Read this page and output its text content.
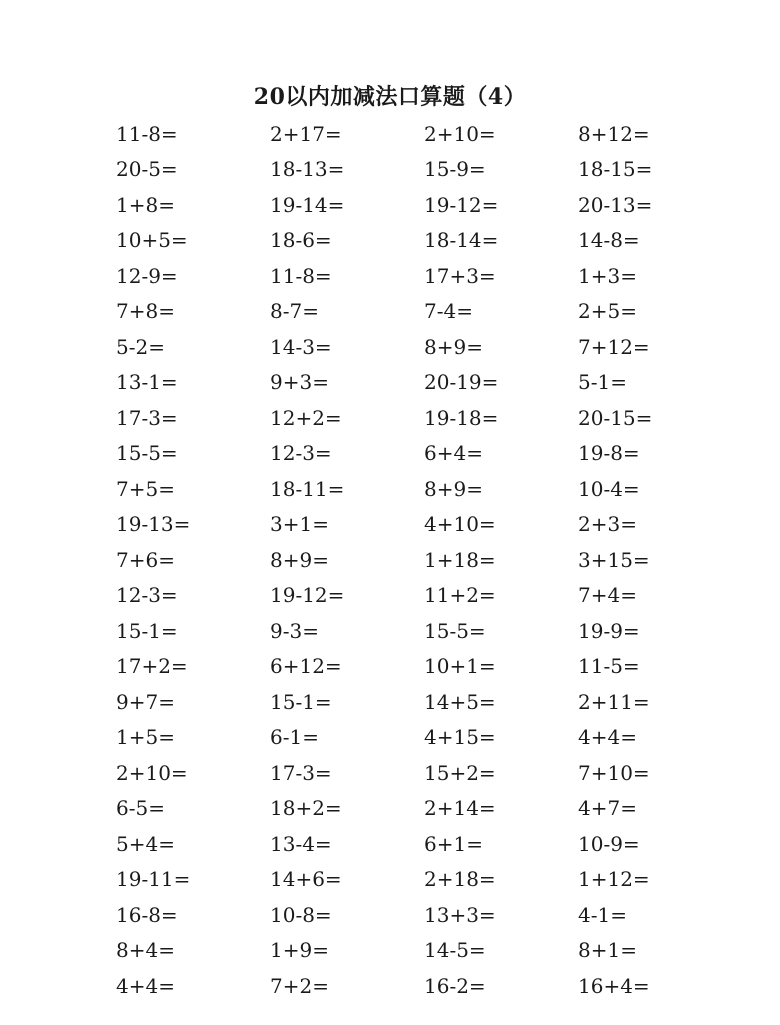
20以内加减法口算题（4）
11-8=	2+17=	2+10=	8+12=
20-5=	18-13=	15-9=	18-15=
1+8=	19-14=	19-12=	20-13=
10+5=	18-6=	18-14=	14-8=
12-9=	11-8=	17+3=	1+3=
7+8=	8-7=	7-4=	2+5=
5-2=	14-3=	8+9=	7+12=
13-1=	9+3=	20-19=	5-1=
17-3=	12+2=	19-18=	20-15=
15-5=	12-3=	6+4=	19-8=
7+5=	18-11=	8+9=	10-4=
19-13=	3+1=	4+10=	2+3=
7+6=	8+9=	1+18=	3+15=
12-3=	19-12=	11+2=	7+4=
15-1=	9-3=	15-5=	19-9=
17+2=	6+12=	10+1=	11-5=
9+7=	15-1=	14+5=	2+11=
1+5=	6-1=	4+15=	4+4=
2+10=	17-3=	15+2=	7+10=
6-5=	18+2=	2+14=	4+7=
5+4=	13-4=	6+1=	10-9=
19-11=	14+6=	2+18=	1+12=
16-8=	10-8=	13+3=	4-1=
8+4=	1+9=	14-5=	8+1=
4+4=	7+2=	16-2=	16+4=
